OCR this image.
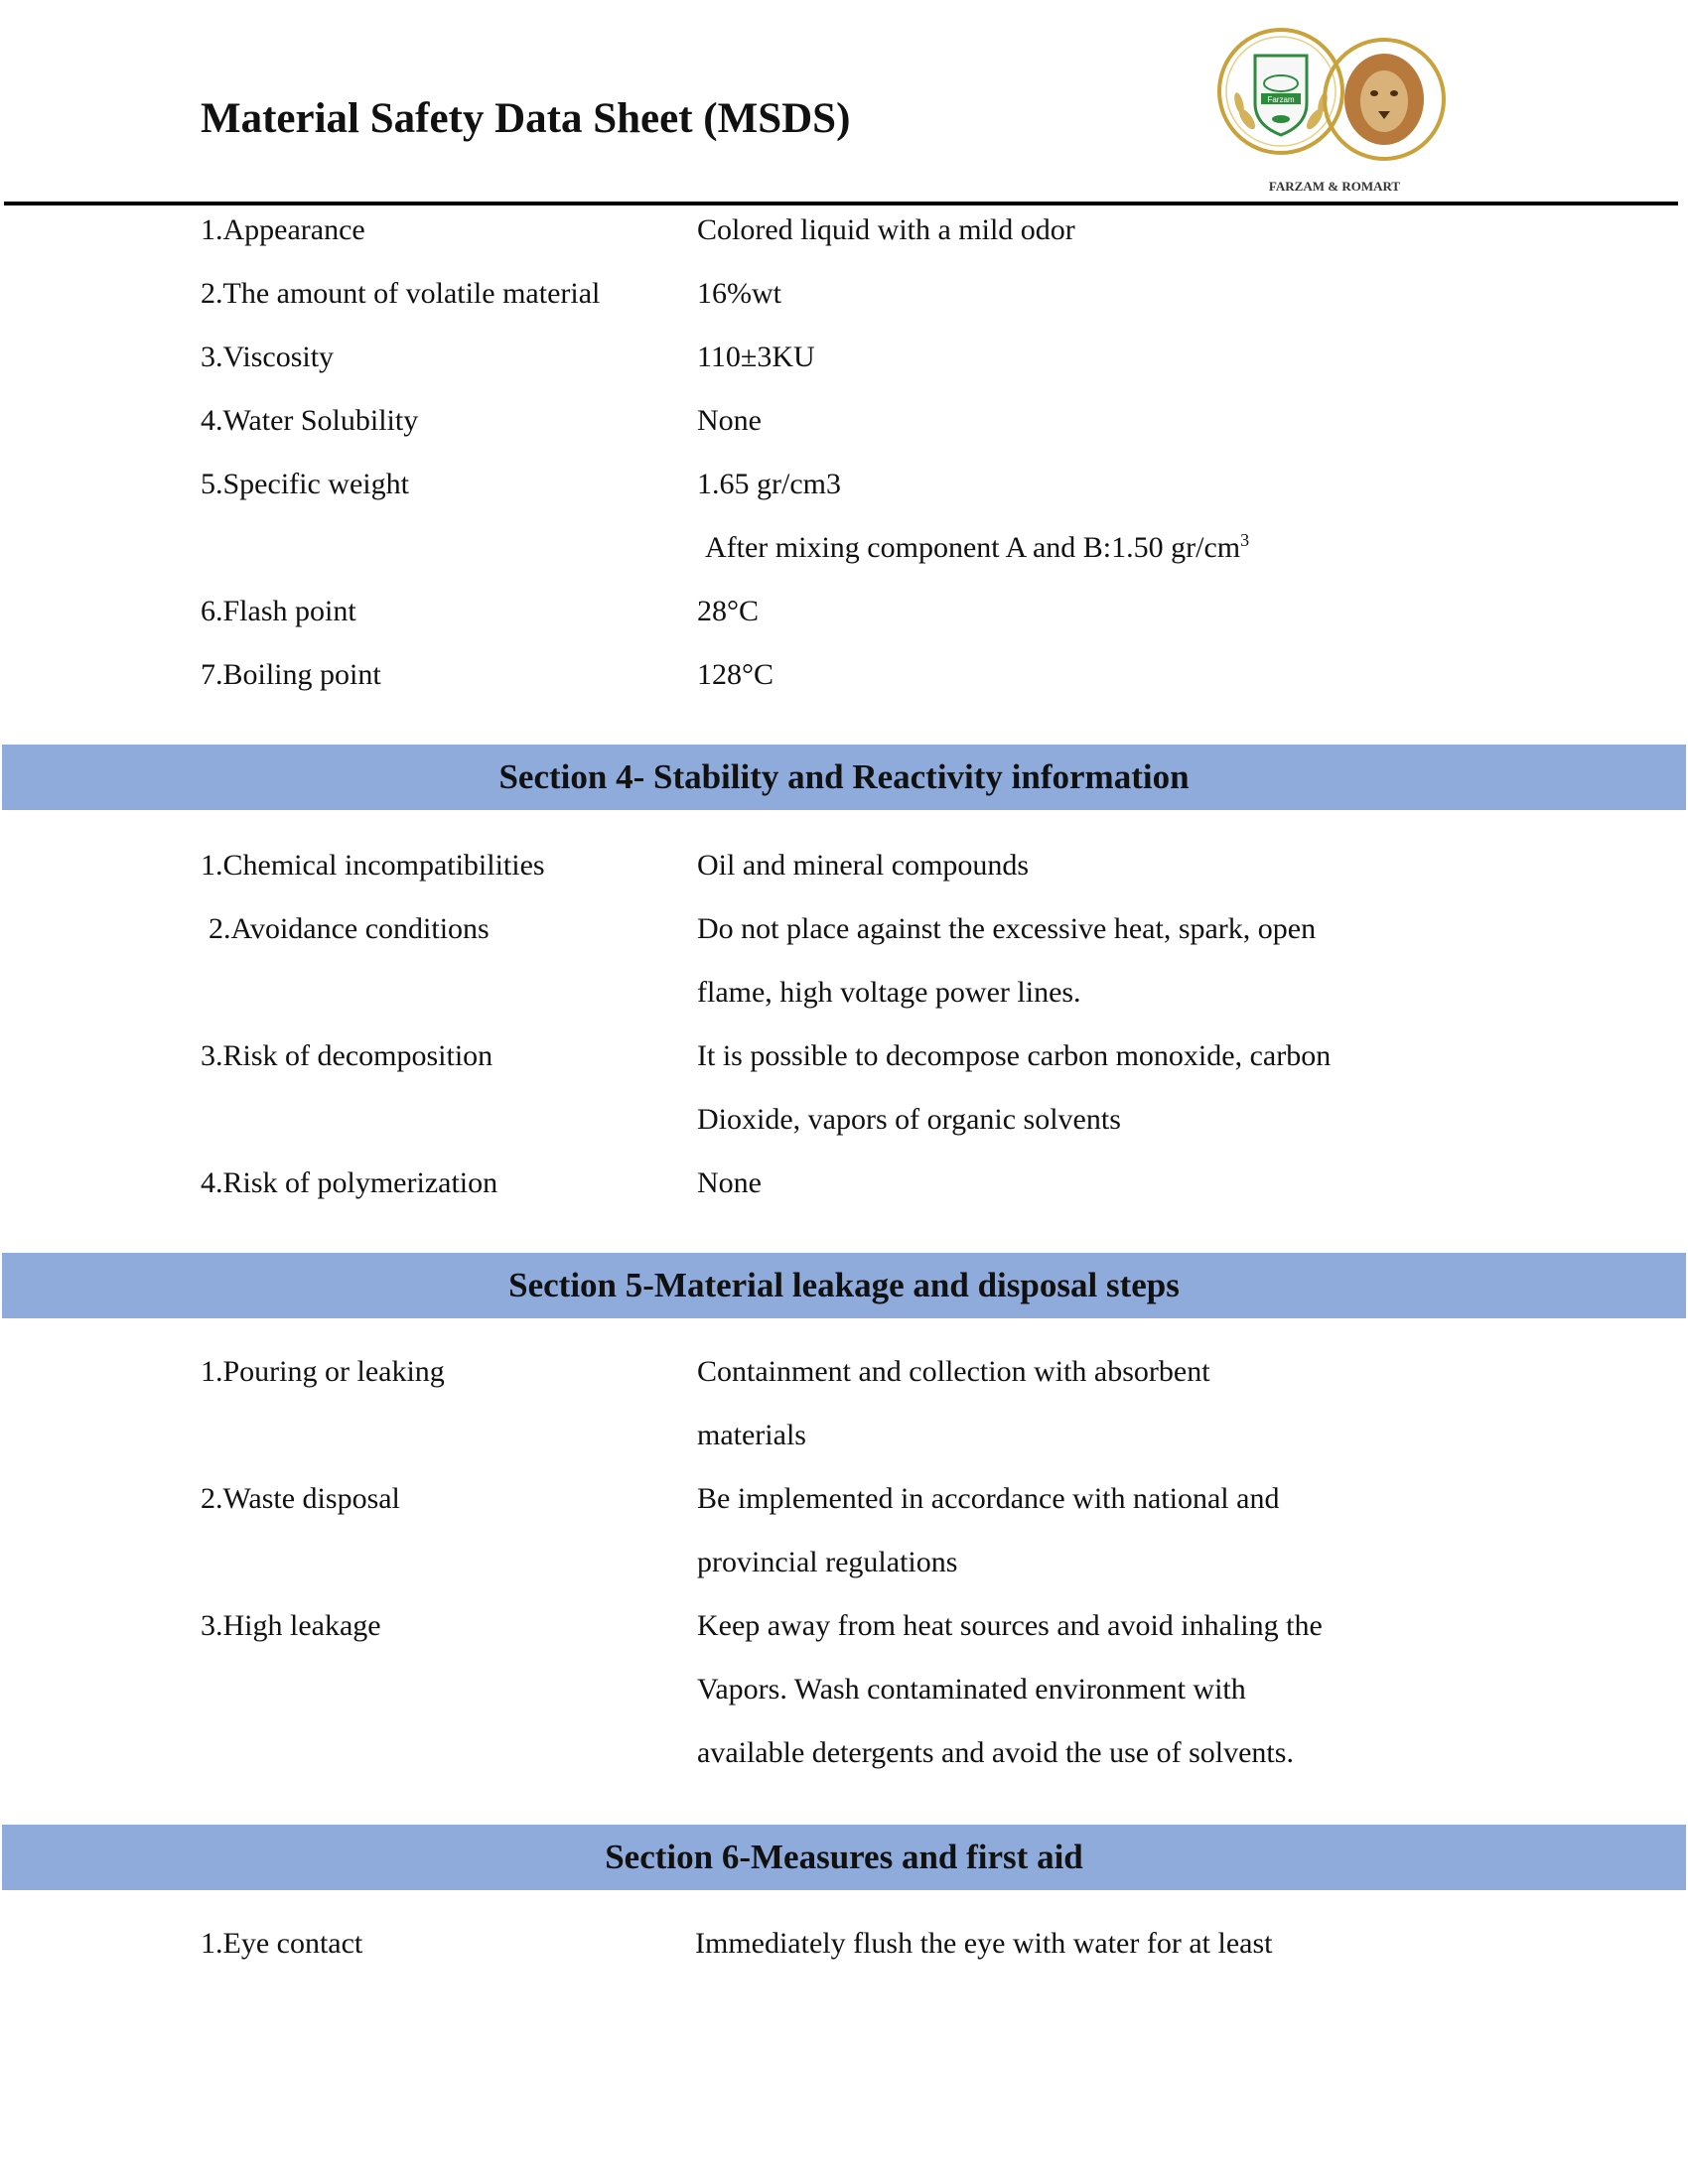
Material Safety Data Sheet (MSDS)	Farzam
FARZAM & ROMART
1.Appearance	Colored liquid with a mild odor
2.The amount of volatile material	16%wt
3.Viscosity	110±3KU
4.Water Solubility	None
5.Specific weight	1.65 gr/cm3
After mixing component A and B:1.50 $gr/cm^3$
6.Flash point	28°C
7.Boiling point	128°C
Section 4- Stability and Reactivity information
1.Chemical incompatibilities	Oil and mineral compounds
2.Avoidance conditions	Do not place against the excessive heat, spark, open
flame, high voltage power lines.
3.Risk of decomposition	It is possible to decompose carbon monoxide, carbon
Dioxide, vapors of organic solvents
4.Risk of polymerization	None
Section 5-Material leakage and disposal steps
1.Pouring or leaking	Containment and collection with absorbent
materials
2.Waste disposal	Be implemented in accordance with national and
provincial regulations
3.High leakage	Keep away from heat sources and avoid inhaling the
Vapors. Wash contaminated environment with
available detergents and avoid the use of solvents.
Section 6-Measures and first aid
1.Eye contact	Immediately flush the eye with water for at least
